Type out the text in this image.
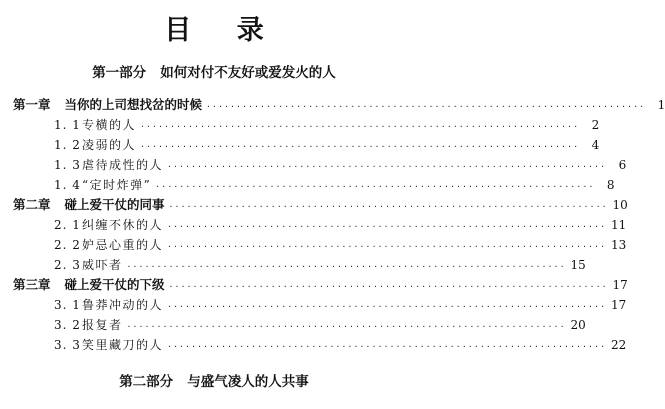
目 录
第一部分 如何对付不友好或爱发火的人
第一章 当你的上司想找岔的时候 ·········································································	1
1. 1 专横的人 ·········································································	2
1. 2 凌弱的人 ·········································································	4
1. 3 虐待成性的人 ·········································································	6
1. 4 “定时炸弹” ·········································································	8
第二章 碰上爱干仗的同事 ········································································· 10
2. 1 纠缠不休的人 ········································································· 11
2. 2 妒忌心重的人 ········································································· 13
2. 3 威吓者 ········································································· 15
第三章 碰上爱干仗的下级 ········································································· 17
3. 1 鲁莽冲动的人 ········································································· 17
3. 2 报复者 ········································································· 20
3. 3 笑里藏刀的人 ········································································· 22
第二部分 与盛气凌人的人共事
